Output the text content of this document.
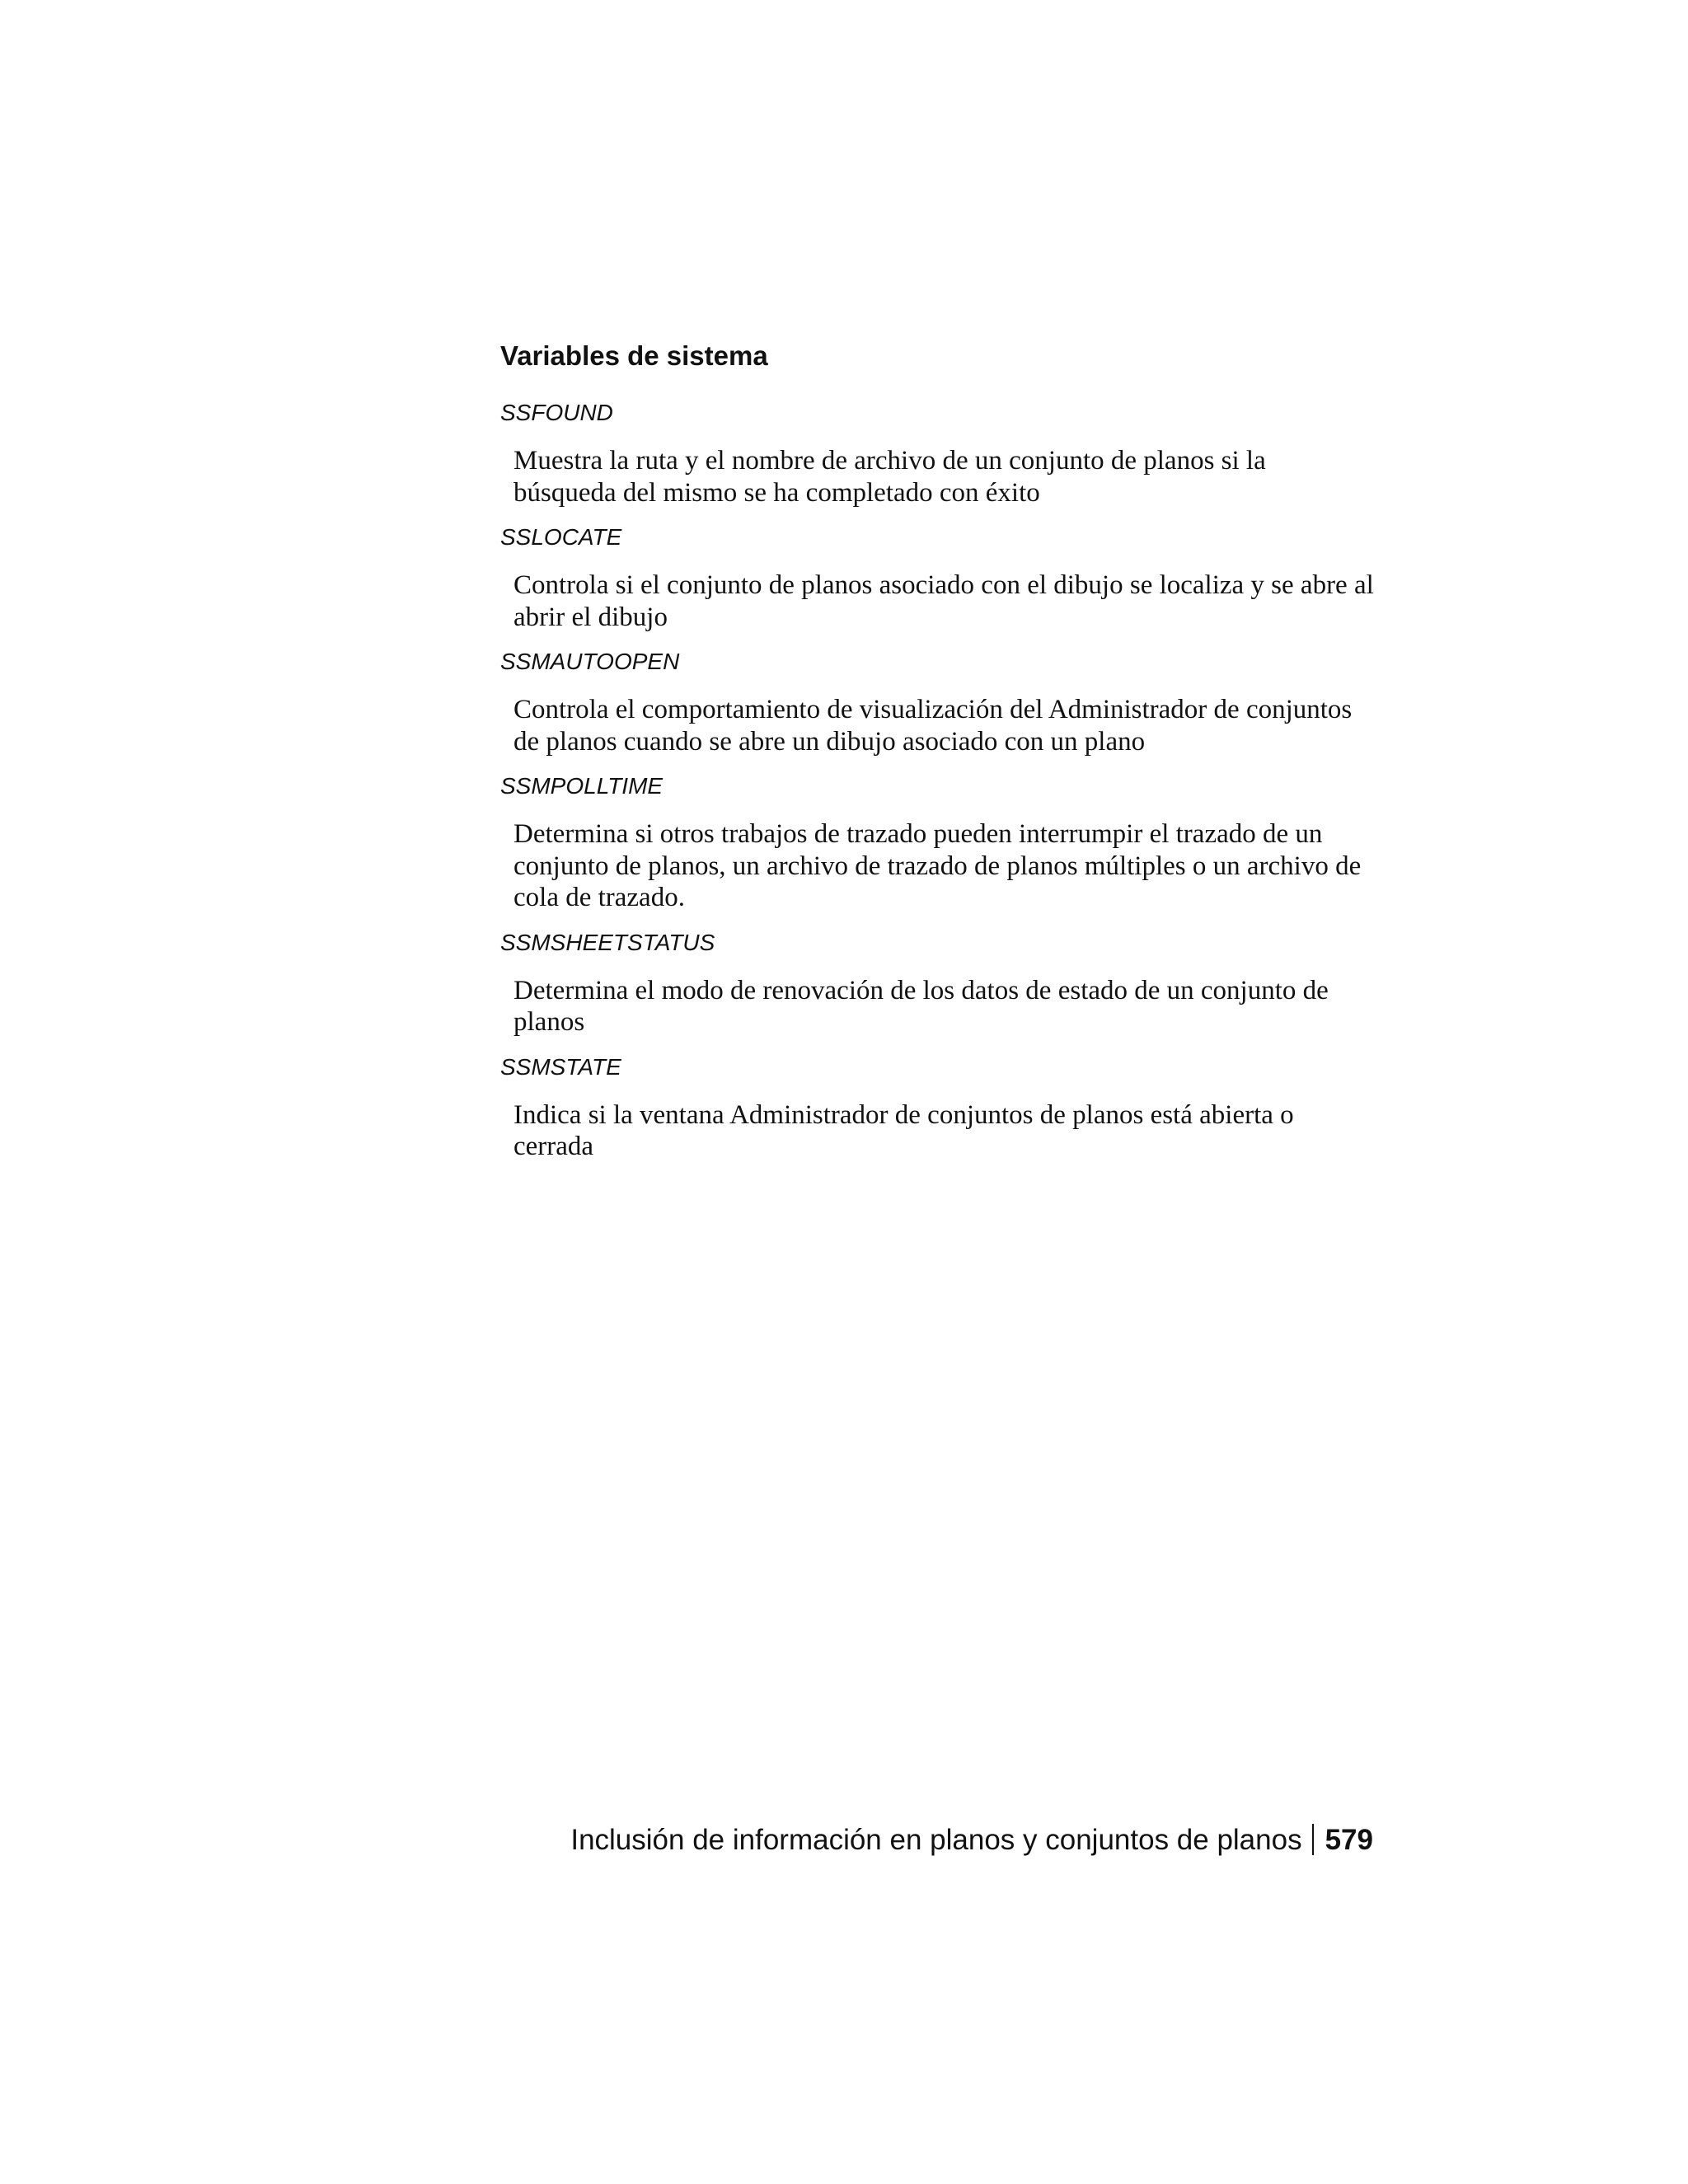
Variables de sistema

SSFOUND

Muestra la ruta y el nombre de archivo de un conjunto de planos si la búsqueda del mismo se ha completado con éxito

SSLOCATE

Controla si el conjunto de planos asociado con el dibujo se localiza y se abre al abrir el dibujo

SSMAUTOOPEN

Controla el comportamiento de visualización del Administrador de conjuntos de planos cuando se abre un dibujo asociado con un plano

SSMPOLLTIME

Determina si otros trabajos de trazado pueden interrumpir el trazado de un conjunto de planos, un archivo de trazado de planos múltiples o un archivo de cola de trazado.

SSMSHEETSTATUS

Determina el modo de renovación de los datos de estado de un conjunto de planos

SSMSTATE

Indica si la ventana Administrador de conjuntos de planos está abierta o cerrada

Inclusión de información en planos y conjuntos de planos 579
